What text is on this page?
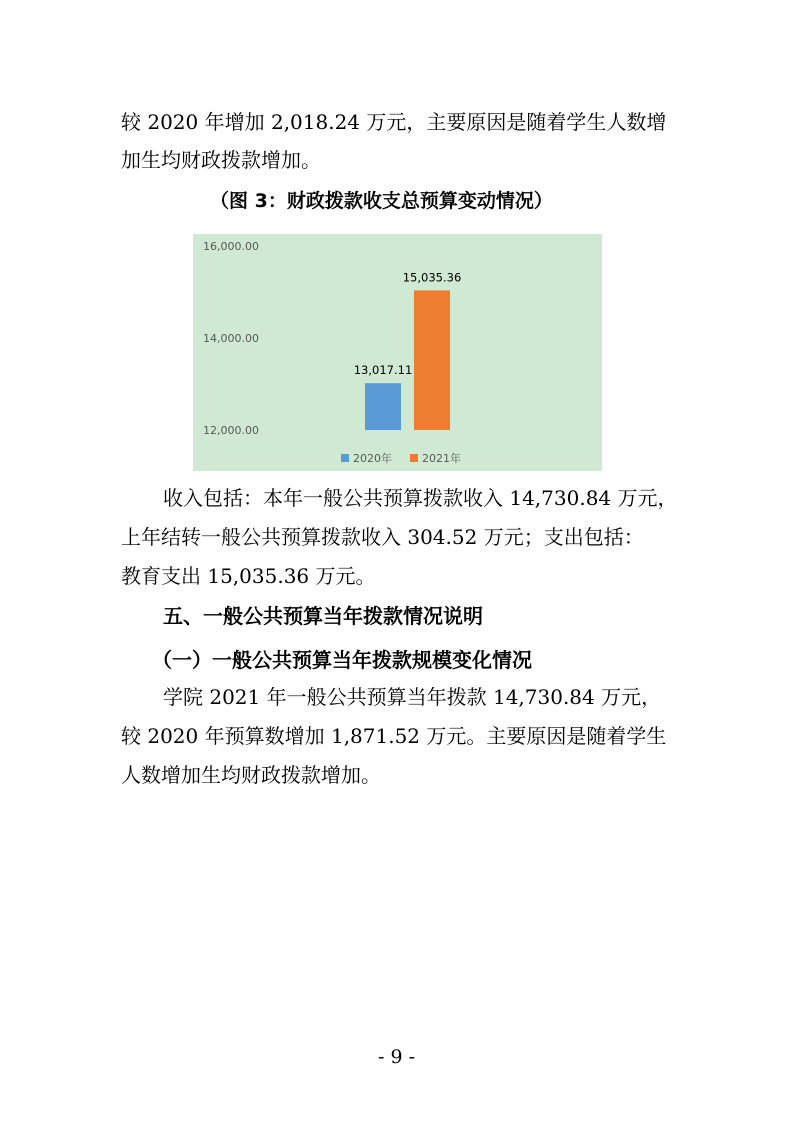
较 2020 年增加 2,018.24 万元，主要原因是随着学生人数增
加生均财政拨款增加。
（图 3：财政拨款收支总预算变动情况）
16,000.00
14,000.00
12,000.00
13,017.11
15,035.36
2020年	2021年
收入包括：本年一般公共预算拨款收入 14,730.84 万元，
上年结转一般公共预算拨款收入 304.52 万元；支出包括：
教育支出 15,035.36 万元。
五、一般公共预算当年拨款情况说明
（一）一般公共预算当年拨款规模变化情况
学院 2021 年一般公共预算当年拨款 14,730.84 万元，
较 2020 年预算数增加 1,871.52 万元。主要原因是随着学生
人数增加生均财政拨款增加。
- 9 -
